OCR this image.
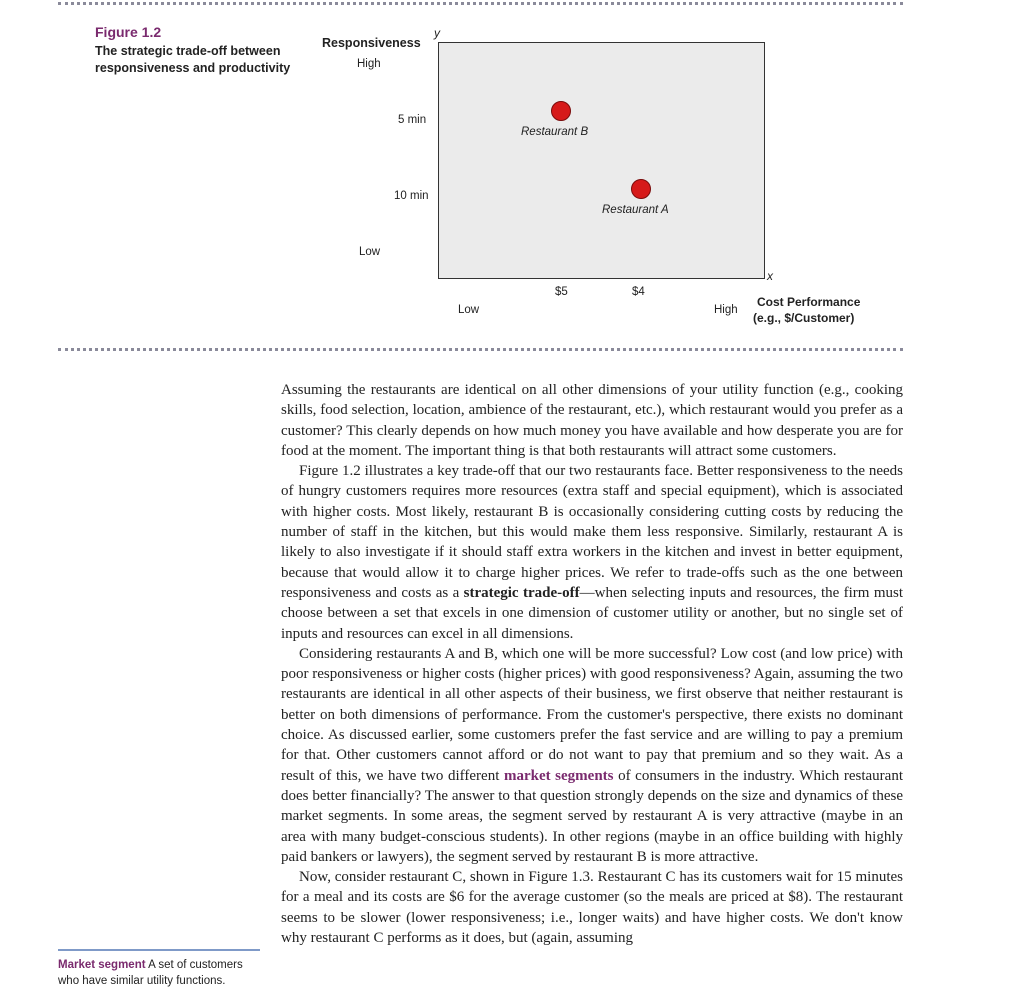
Figure 1.2
The strategic trade-off between responsiveness and productivity
y
Responsiveness
High
5 min
10 min
Low
Restaurant B
Restaurant A
x
$5	$4
Low	High
Cost Performance
(e.g., $/Customer)

Assuming the restaurants are identical on all other dimensions of your utility function (e.g., cooking skills, food selection, location, ambience of the restaurant, etc.), which restaurant would you prefer as a customer? This clearly depends on how much money you have available and how desperate you are for food at the moment. The important thing is that both restaurants will attract some customers.

Figure 1.2 illustrates a key trade-off that our two restaurants face. Better responsiveness to the needs of hungry customers requires more resources (extra staff and special equipment), which is associated with higher costs. Most likely, restaurant B is occasionally considering cutting costs by reducing the number of staff in the kitchen, but this would make them less responsive. Similarly, restaurant A is likely to also investigate if it should staff extra workers in the kitchen and invest in better equipment, because that would allow it to charge higher prices. We refer to trade-offs such as the one between responsiveness and costs as a strategic trade-off—when selecting inputs and resources, the firm must choose between a set that excels in one dimension of customer utility or another, but no single set of inputs and resources can excel in all dimensions.

Considering restaurants A and B, which one will be more successful? Low cost (and low price) with poor responsiveness or higher costs (higher prices) with good responsiveness? Again, assuming the two restaurants are identical in all other aspects of their business, we first observe that neither restaurant is better on both dimensions of performance. From the customer's perspective, there exists no dominant choice. As discussed earlier, some customers prefer the fast service and are willing to pay a premium for that. Other customers cannot afford or do not want to pay that premium and so they wait. As a result of this, we have two different market segments of consumers in the industry. Which restaurant does better financially? The answer to that question strongly depends on the size and dynamics of these market segments. In some areas, the segment served by restaurant A is very attractive (maybe in an area with many budget-conscious students). In other regions (maybe in an office building with highly paid bankers or lawyers), the segment served by restaurant B is more attractive.

Now, consider restaurant C, shown in Figure 1.3. Restaurant C has its customers wait for 15 minutes for a meal and its costs are $6 for the average customer (so the meals are priced at $8). The restaurant seems to be slower (lower responsiveness; i.e., longer waits) and have higher costs. We don't know why restaurant C performs as it does, but (again, assuming

Market segment A set of customers who have similar utility functions.
